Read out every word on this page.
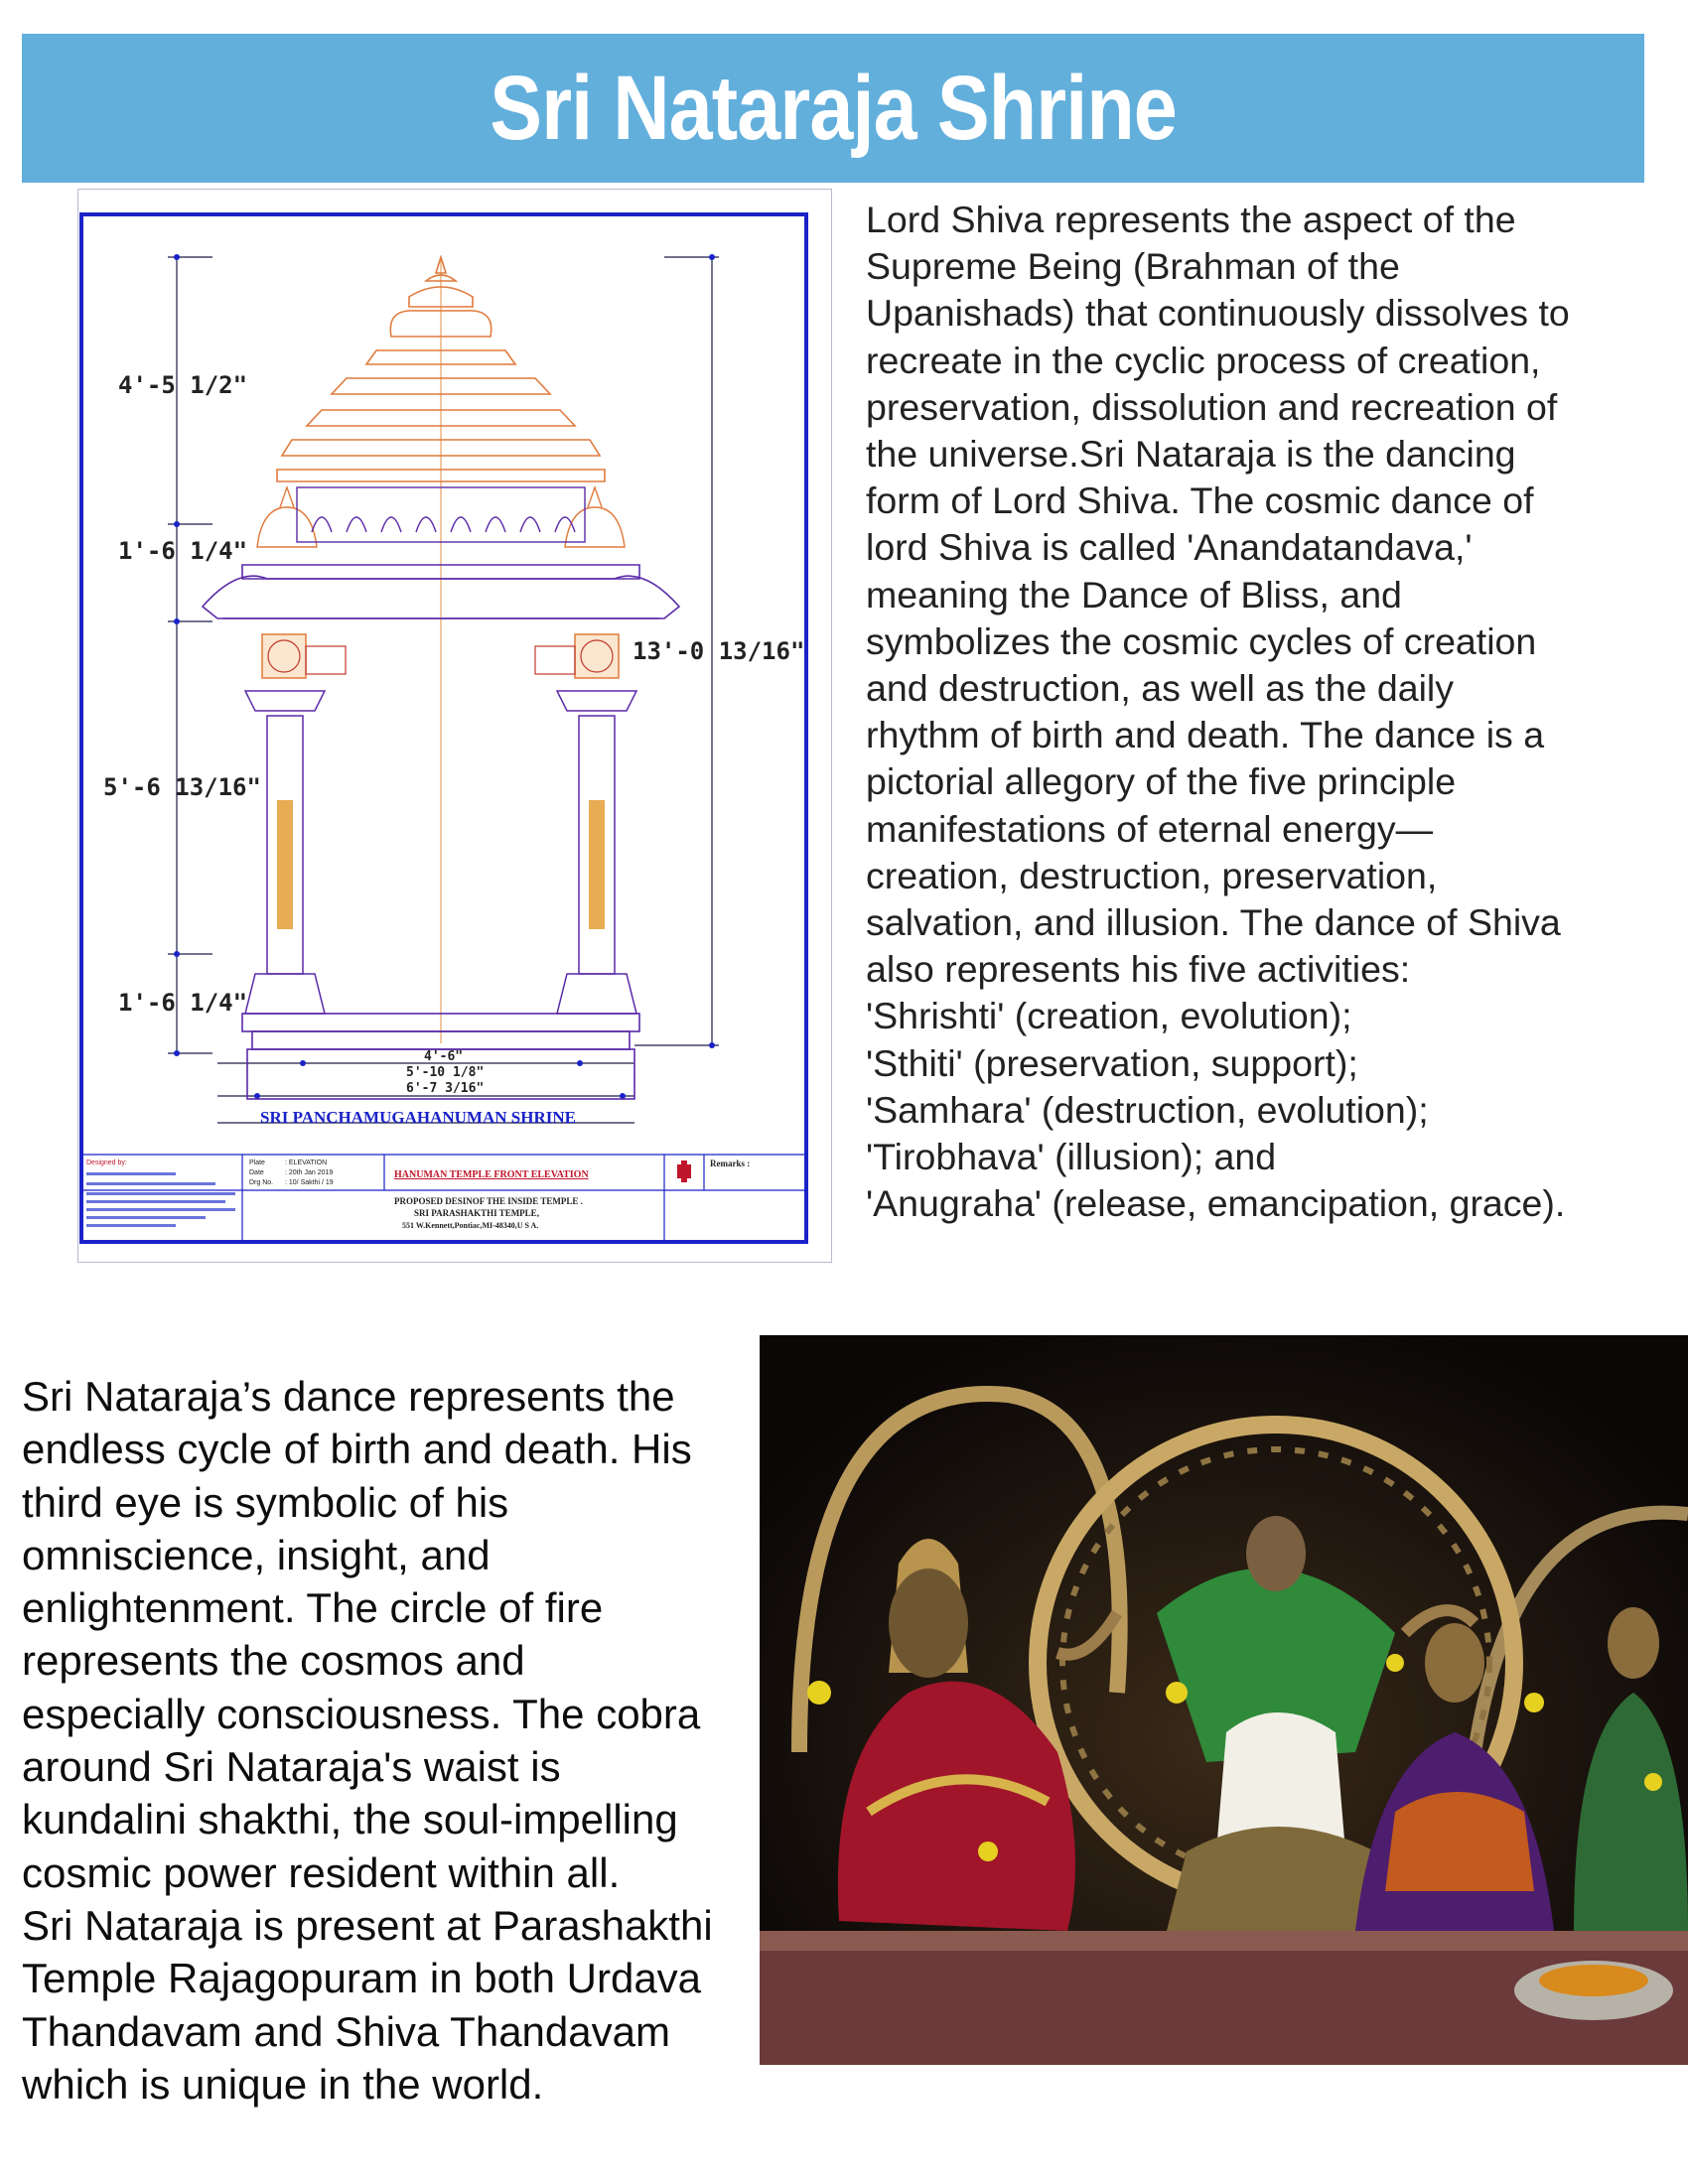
Sri Nataraja Shrine
4'-5 1/2"
1'-6 1/4"
5'-6 13/16"
1'-6 1/4"
13'-0 13/16"
4'-6"
5'-10 1/8"
6'-7 3/16"
SRI PANCHAMUGAHANUMAN SHRINE
Designed by:	Plate	: ELEVATION
Date	: 20th Jan 2019
Drg No. : 10/ Sakthi / 19
HANUMAN TEMPLE FRONT ELEVATION
PROPOSED DESINOF THE INSIDE TEMPLE .
SRI PARASHAKTHI TEMPLE,
551 W.Kennett,Pontiac,MI-48340,U S A.
Remarks :

Lord Shiva represents the aspect of the
Supreme Being (Brahman of the
Upanishads) that continuously dissolves to
recreate in the cyclic process of creation,
preservation, dissolution and recreation of
the universe.Sri Nataraja is the dancing
form of Lord Shiva. The cosmic dance of
lord Shiva is called 'Anandatandava,'
meaning the Dance of Bliss, and
symbolizes the cosmic cycles of creation
and destruction, as well as the daily
rhythm of birth and death. The dance is a
pictorial allegory of the five principle
manifestations of eternal energy—
creation, destruction, preservation,
salvation, and illusion. The dance of Shiva
also represents his five activities:
'Shrishti' (creation, evolution);
'Sthiti' (preservation, support);
'Samhara' (destruction, evolution);
'Tirobhava' (illusion); and
'Anugraha' (release, emancipation, grace).

Sri Nataraja’s dance represents the
endless cycle of birth and death. His
third eye is symbolic of his
omniscience, insight, and
enlightenment. The circle of fire
represents the cosmos and
especially consciousness. The cobra
around Sri Nataraja's waist is
kundalini shakthi, the soul-impelling
cosmic power resident within all.
Sri Nataraja is present at Parashakthi
Temple Rajagopuram in both Urdava
Thandavam and Shiva Thandavam
which is unique in the world.
